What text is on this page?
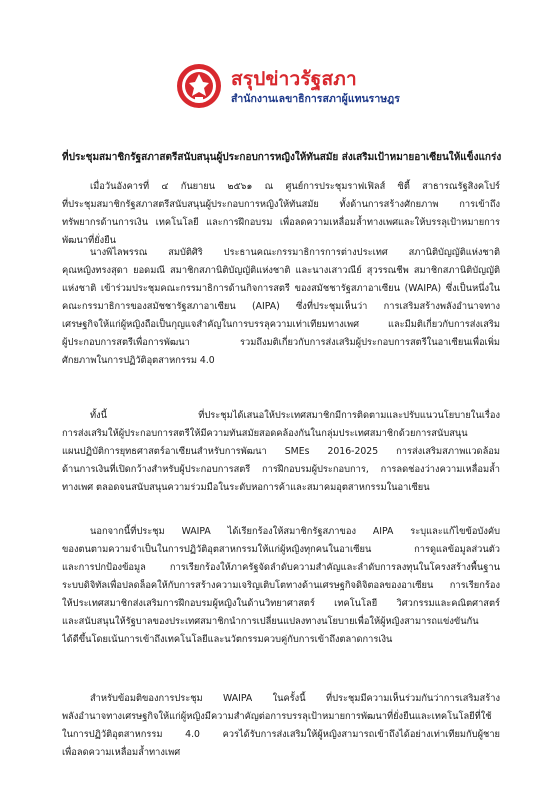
สรุปข่าวรัฐสภา
สำนักงานเลขาธิการสภาผู้แทนราษฎร
ที่ประชุมสมาชิกรัฐสภาสตรีสนับสนุนผู้ประกอบการหญิงให้ทันสมัย ส่งเสริมเป้าหมายอาเซียนให้แข็งแกร่ง
เมื่อวันอังคารที่ ๔ กันยายน ๒๕๖๑ ณ ศูนย์การประชุมราฟเฟิลส์ ซิตี้ สาธารณรัฐสิงคโปร์
ที่ประชุมสมาชิกรัฐสภาสตรีสนับสนุนผู้ประกอบการหญิงให้ทันสมัย ทั้งด้านการสร้างศักยภาพ การเข้าถึง
ทรัพยากรด้านการเงิน เทคโนโลยี และการฝึกอบรม เพื่อลดความเหลื่อมล้ำทางเพศและให้บรรลุเป้าหมายการ
พัฒนาที่ยั่งยืน
นางพิไลพรรณ สมบัติศิริ ประธานคณะกรรมาธิการการต่างประเทศ สภานิติบัญญัติแห่งชาติ
คุณหญิงทรงสุดา ยอดมณี สมาชิกสภานิติบัญญัติแห่งชาติ และนางเสาวณีย์ สุวรรณชีพ สมาชิกสภานิติบัญญัติ
แห่งชาติ เข้าร่วมประชุมคณะกรรมาธิการด้านกิจการสตรี ของสมัชชารัฐสภาอาเซียน (WAIPA) ซึ่งเป็นหนึ่งใน
คณะกรรมาธิการของสมัชชารัฐสภาอาเซียน (AIPA) ซึ่งที่ประชุมเห็นว่า การเสริมสร้างพลังอำนาจทาง
เศรษฐกิจให้แก่ผู้หญิงถือเป็นกุญแจสำคัญในการบรรลุความเท่าเทียมทางเพศ และมีมติเกี่ยวกับการส่งเสริม
ผู้ประกอบการสตรีเพื่อการพัฒนา รวมถึงมติเกี่ยวกับการส่งเสริมผู้ประกอบการสตรีในอาเซียนเพื่อเพิ่ม
ศักยภาพในการปฏิวัติอุตสาหกรรม 4.0
ทั้งนี้ ที่ประชุมได้เสนอให้ประเทศสมาชิกมีการติดตามและปรับแนวนโยบายในเรื่อง
การส่งเสริมให้ผู้ประกอบการสตรีให้มีความทันสมัยสอดคล้องกันในกลุ่มประเทศสมาชิกด้วยการสนับสนุน
แผนปฏิบัติการยุทธศาสตร์อาเซียนสำหรับการพัฒนา SMEs 2016-2025 การส่งเสริมสภาพแวดล้อม
ด้านการเงินที่เปิดกว้างสำหรับผู้ประกอบการสตรี การฝึกอบรมผู้ประกอบการ, การลดช่องว่างความเหลื่อมล้ำ
ทางเพศ ตลอดจนสนับสนุนความร่วมมือในระดับหอการค้าและสมาคมอุตสาหกรรมในอาเซียน
นอกจากนี้ที่ประชุม WAIPA ได้เรียกร้องให้สมาชิกรัฐสภาของ AIPA ระบุและแก้ไขข้อบังคับ
ของตนตามความจำเป็นในการปฏิวัติอุตสาหกรรมให้แก่ผู้หญิงทุกคนในอาเซียน การดูแลข้อมูลส่วนตัว
และการปกป้องข้อมูล การเรียกร้องให้ภาครัฐจัดลำดับความสำคัญและลำดับการลงทุนในโครงสร้างพื้นฐาน
ระบบดิจิทัลเพื่อปลดล็อคให้กับการสร้างความเจริญเติบโตทางด้านเศรษฐกิจดิจิตอลของอาเซียน การเรียกร้อง
ให้ประเทศสมาชิกส่งเสริมการฝึกอบรมผู้หญิงในด้านวิทยาศาสตร์ เทคโนโลยี วิศวกรรมและคณิตศาสตร์
และสนับสนุนให้รัฐบาลของประเทศสมาชิกนำการเปลี่ยนแปลงทางนโยบายเพื่อให้ผู้หญิงสามารถแข่งขันกัน
ได้ดีขึ้นโดยเน้นการเข้าถึงเทคโนโลยีและนวัตกรรมควบคู่กับการเข้าถึงตลาดการเงิน
สำหรับข้อมติของการประชุม WAIPA ในครั้งนี้ ที่ประชุมมีความเห็นร่วมกันว่าการเสริมสร้าง
พลังอำนาจทางเศรษฐกิจให้แก่ผู้หญิงมีความสำคัญต่อการบรรลุเป้าหมายการพัฒนาที่ยั่งยืนและเทคโนโลยีที่ใช้
ในการปฏิวัติอุตสาหกรรม 4.0 ควรได้รับการส่งเสริมให้ผู้หญิงสามารถเข้าถึงได้อย่างเท่าเทียมกับผู้ชาย
เพื่อลดความเหลื่อมล้ำทางเพศ
